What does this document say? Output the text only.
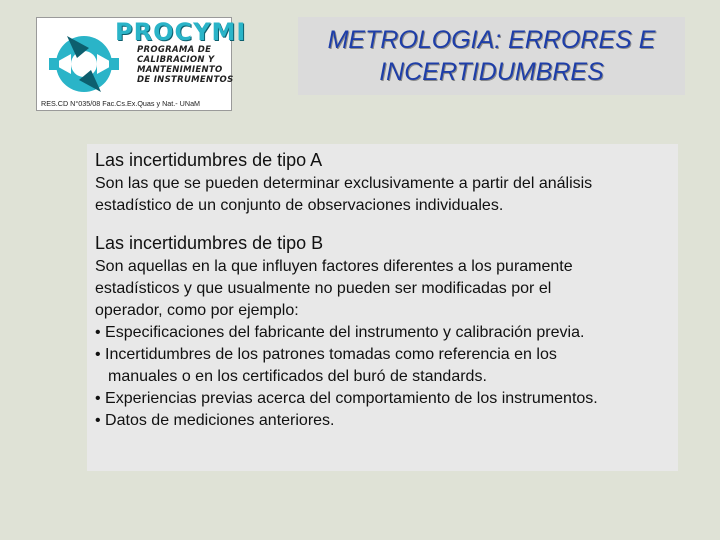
PROCYMI
PROGRAMA DE
CALIBRACION Y
MANTENIMIENTO
DE INSTRUMENTOS
RES.CD N°035/08 Fac.Cs.Ex.Quas y Nat.- UNaM
METROLOGIA: ERRORES E
INCERTIDUMBRES

Las incertidumbres de tipo A

Son las que se pueden determinar exclusivamente a partir del análisis

estadístico de un conjunto de observaciones individuales.

Las incertidumbres de tipo B

Son aquellas en la que influyen factores diferentes a los puramente

estadísticos y que usualmente no pueden ser modificadas por el

operador, como por ejemplo:

• Especificaciones del fabricante del instrumento y calibración previa.
• Incertidumbres de los patrones tomadas como referencia en los
manuales o en los certificados del buró de standards.
• Experiencias previas acerca del comportamiento de los instrumentos.
• Datos de mediciones anteriores.
